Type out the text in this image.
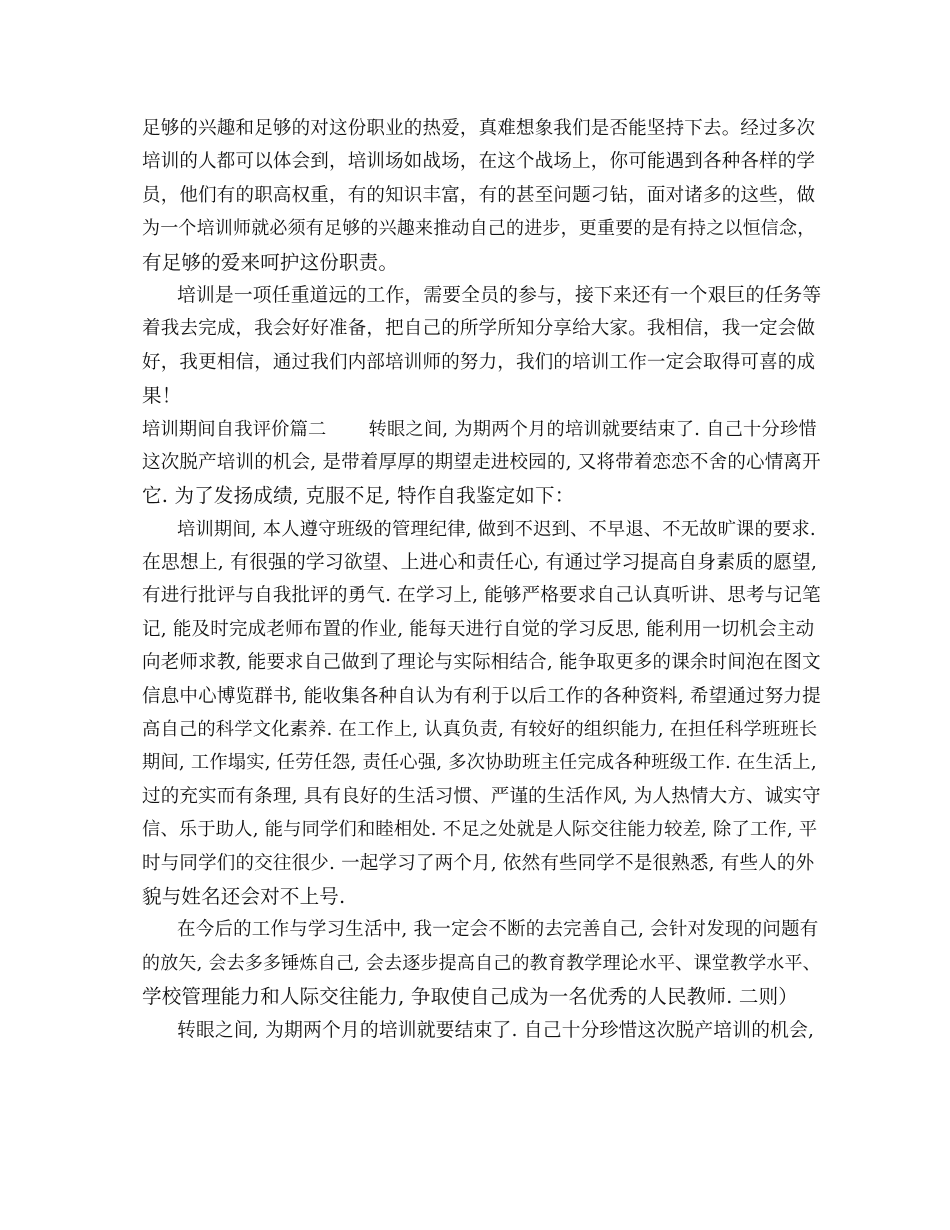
足够的兴趣和足够的对这份职业的热爱，真难想象我们是否能坚持下去。经过多次
培训的人都可以体会到，培训场如战场，在这个战场上，你可能遇到各种各样的学
员，他们有的职高权重，有的知识丰富，有的甚至问题刁钻，面对诸多的这些，做
为一个培训师就必须有足够的兴趣来推动自己的进步，更重要的是有持之以恒信念，
有足够的爱来呵护这份职责。
培训是一项任重道远的工作，需要全员的参与，接下来还有一个艰巨的任务等
着我去完成，我会好好准备，把自己的所学所知分享给大家。我相信，我一定会做
好，我更相信，通过我们内部培训师的努力，我们的培训工作一定会取得可喜的成
果！
培训期间自我评价篇二 转眼之间, 为期两个月的培训就要结束了. 自己十分珍惜
这次脱产培训的机会, 是带着厚厚的期望走进校园的, 又将带着恋恋不舍的心情离开
它. 为了发扬成绩, 克服不足, 特作自我鉴定如下：
培训期间, 本人遵守班级的管理纪律, 做到不迟到、不早退、不无故旷课的要求.
在思想上, 有很强的学习欲望、上进心和责任心, 有通过学习提高自身素质的愿望,
有进行批评与自我批评的勇气. 在学习上, 能够严格要求自己认真听讲、思考与记笔
记, 能及时完成老师布置的作业, 能每天进行自觉的学习反思, 能利用一切机会主动
向老师求教, 能要求自己做到了理论与实际相结合, 能争取更多的课余时间泡在图文
信息中心博览群书, 能收集各种自认为有利于以后工作的各种资料, 希望通过努力提
高自己的科学文化素养. 在工作上, 认真负责, 有较好的组织能力, 在担任科学班班长
期间, 工作塌实, 任劳任怨, 责任心强, 多次协助班主任完成各种班级工作. 在生活上,
过的充实而有条理, 具有良好的生活习惯、严谨的生活作风, 为人热情大方、诚实守
信、乐于助人, 能与同学们和睦相处. 不足之处就是人际交往能力较差, 除了工作, 平
时与同学们的交往很少. 一起学习了两个月, 依然有些同学不是很熟悉, 有些人的外
貌与姓名还会对不上号.
在今后的工作与学习生活中, 我一定会不断的去完善自己, 会针对发现的问题有
的放矢, 会去多多锤炼自己, 会去逐步提高自己的教育教学理论水平、课堂教学水平、
学校管理能力和人际交往能力, 争取使自己成为一名优秀的人民教师. 二则）
转眼之间, 为期两个月的培训就要结束了. 自己十分珍惜这次脱产培训的机会,
